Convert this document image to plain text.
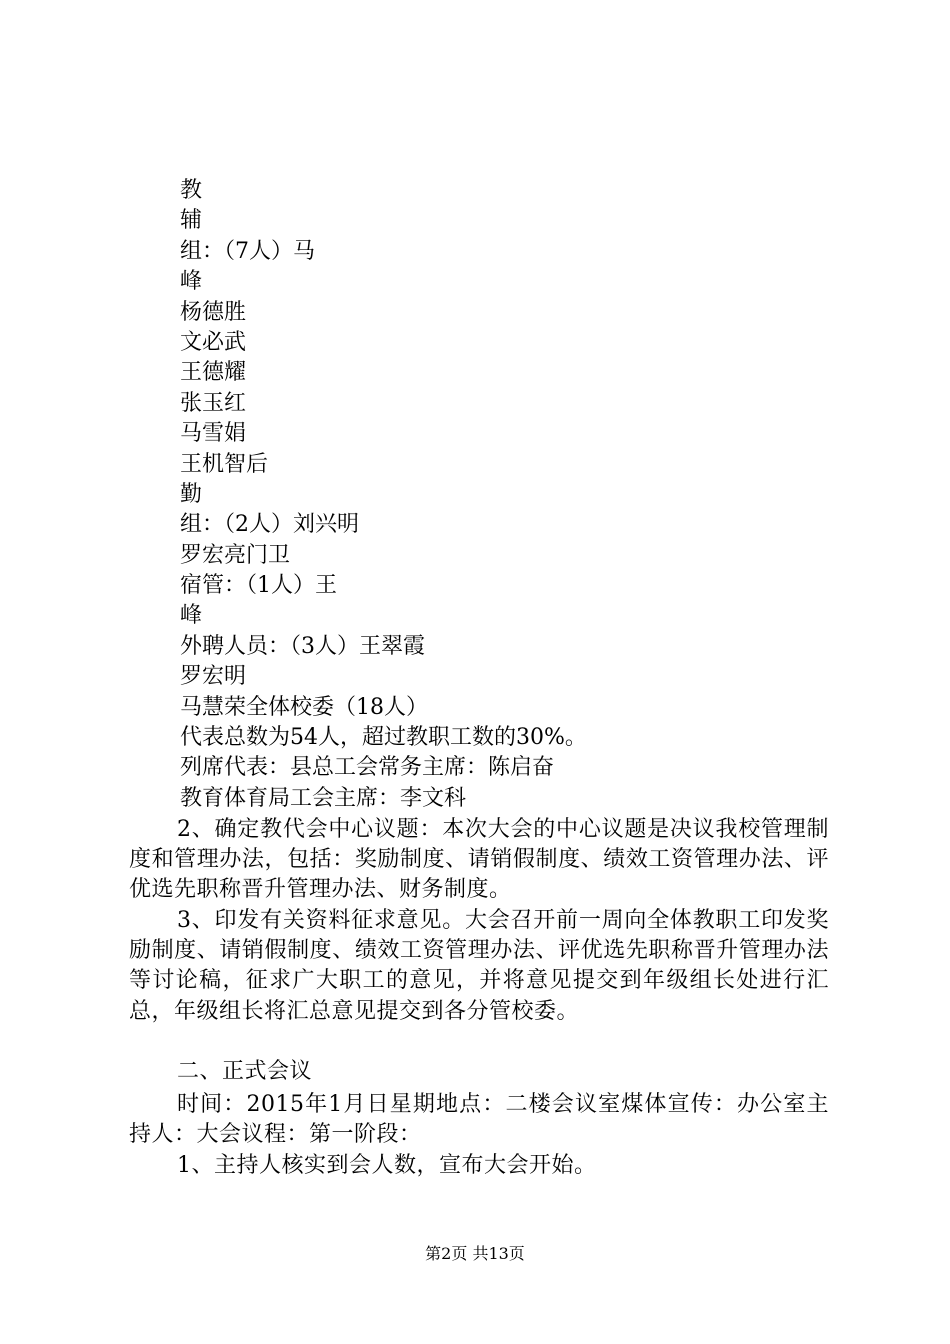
教
辅
组：（7人）马
峰
杨德胜
文必武
王德耀
张玉红
马雪娟
王机智后
勤
组：（2人）刘兴明
罗宏亮门卫
宿管：（1人）王
峰
外聘人员：（3人）王翠霞
罗宏明
马慧荣全体校委（18人）
代表总数为54人，超过教职工数的30%。
列席代表：县总工会常务主席：陈启奋
教育体育局工会主席：李文科

2、确定教代会中心议题：本次大会的中心议题是决议我校管理制度和管理办法，包括：奖励制度、请销假制度、绩效工资管理办法、评优选先职称晋升管理办法、财务制度。

3、印发有关资料征求意见。大会召开前一周向全体教职工印发奖励制度、请销假制度、绩效工资管理办法、评优选先职称晋升管理办法等讨论稿，征求广大职工的意见，并将意见提交到年级组长处进行汇总，年级组长将汇总意见提交到各分管校委。

二、正式会议

时间：2015年1月日星期地点：二楼会议室煤体宣传：办公室主持人：大会议程：第一阶段：

1、主持人核实到会人数，宣布大会开始。

第2页 共13页
